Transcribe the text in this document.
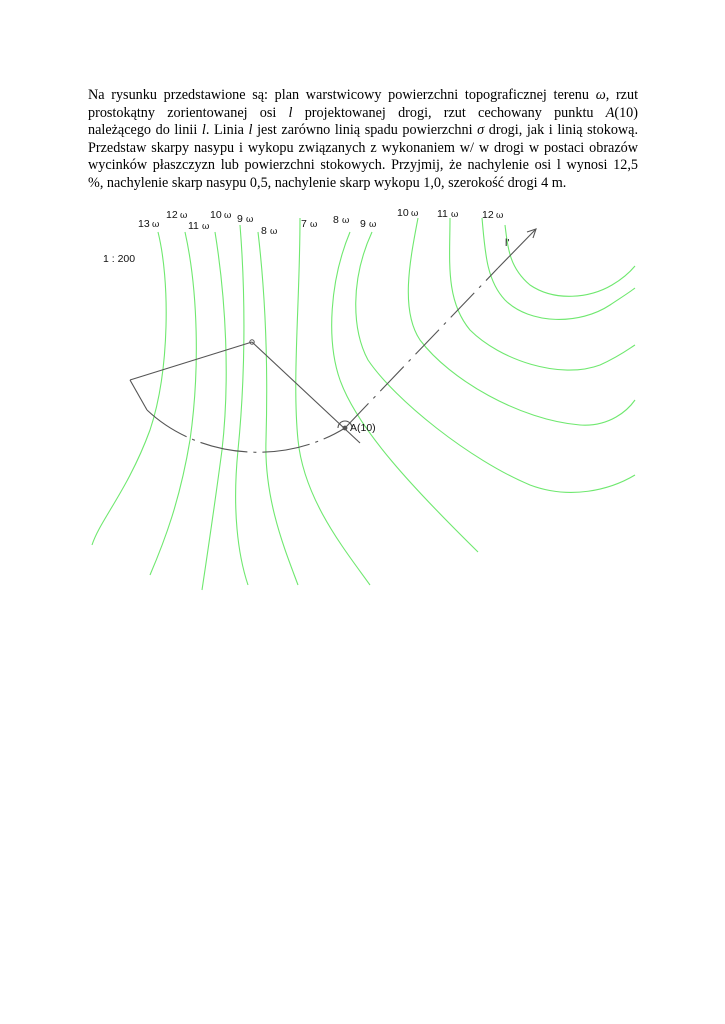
Na rysunku przedstawione są: plan warstwicowy powierzchni topograficznej terenu ω, rzut
prostokątny zorientowanej osi l projektowanej drogi, rzut cechowany punktu A(10)
należącego do linii l. Linia l jest zarówno linią spadu powierzchni σ drogi, jak i linią stokową.
Przedstaw skarpy nasypu i wykopu związanych z wykonaniem w/ w drogi w postaci obrazów
wycinków płaszczyzn lub powierzchni stokowych. Przyjmij, że nachylenie osi l wynosi 12,5
%, nachylenie skarp nasypu 0,5, nachylenie skarp wykopu 1,0, szerokość drogi 4 m.

1 : 200
13 ω
12 ω
11 ω
10 ω 9 ω
8 ω
7 ω 8 ω 9 ω
10 ω 11 ω 12 ω
l'
A(10)
